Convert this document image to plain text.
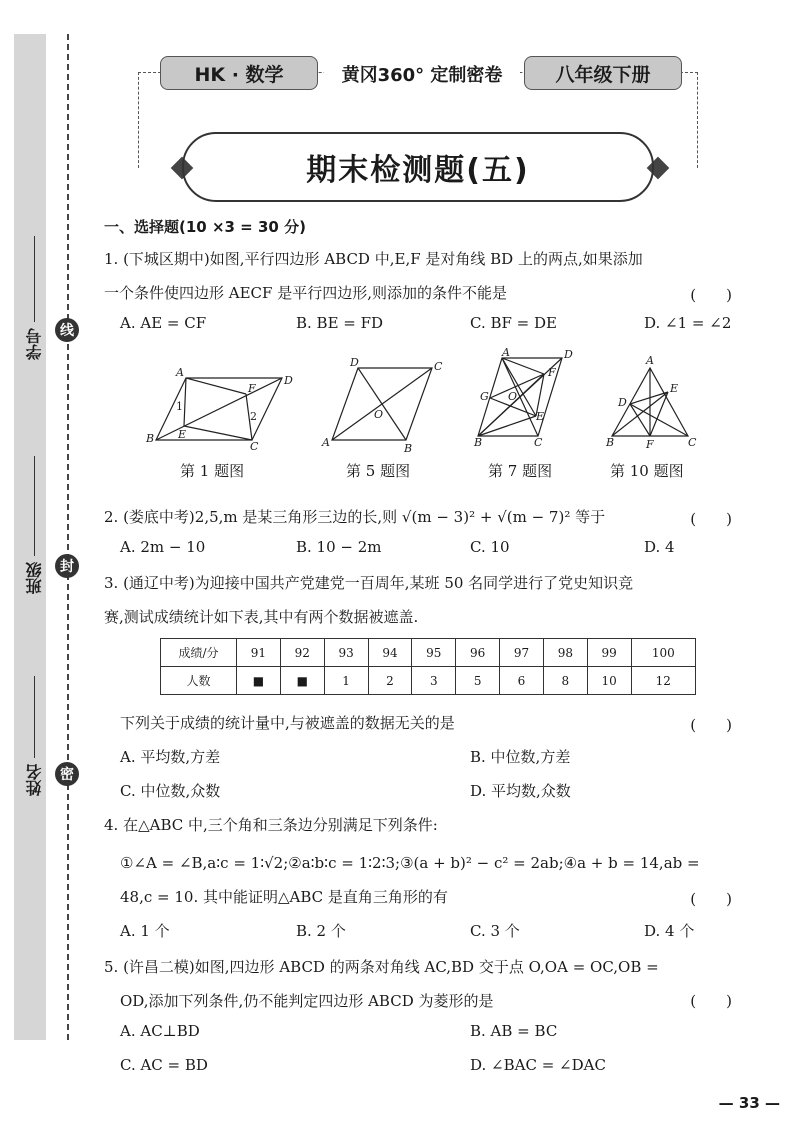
学号
班级
姓名
线
封
密
HK · 数学	黄冈360° 定制密卷	八年级下册
期末检测题(五)
一、选择题(10 ×3 = 30 分)
1. (下城区期中)如图,平行四边形 ABCD 中,E,F 是对角线 BD 上的两点,如果添加
一个条件使四边形 AECF 是平行四边形,则添加的条件不能是	(　　)
A. AE = CF	B. BE = FD	C. BF = DE	D. ∠1 = ∠2
A
F
D
1
2
B E
C
D	C
O
A	B
A	D
F
G O
E
B	C
A
D
E
B	F	C
第 1 题图	第 5 题图	第 7 题图	第 10 题图
2. (娄底中考)2,5,m 是某三角形三边的长,则 √(m − 3)² + √(m − 7)² 等于	(　　)
A. 2m − 10	B. 10 − 2m	C. 10	D. 4
3. (通辽中考)为迎接中国共产党建党一百周年,某班 50 名同学进行了党史知识竞
赛,测试成绩统计如下表,其中有两个数据被遮盖.
成绩/分	91	92	93	94	95	96	97	98	99	100
人数	■	■	1	2	3	5	6	8	10	12
下列关于成绩的统计量中,与被遮盖的数据无关的是	(　　)
A. 平均数,方差	B. 中位数,方差
C. 中位数,众数	D. 平均数,众数
4. 在△ABC 中,三个角和三条边分别满足下列条件:
①∠A = ∠B,a∶c = 1∶√2;②a∶b∶c = 1∶2∶3;③(a + b)² − c² = 2ab;④a + b = 14,ab =
48,c = 10. 其中能证明△ABC 是直角三角形的有	(　　)
A. 1 个	B. 2 个	C. 3 个	D. 4 个
5. (许昌二模)如图,四边形 ABCD 的两条对角线 AC,BD 交于点 O,OA = OC,OB =
OD,添加下列条件,仍不能判定四边形 ABCD 为菱形的是	(　　)
A. AC⊥BD	B. AB = BC
C. AC = BD	D. ∠BAC = ∠DAC
— 33 —
